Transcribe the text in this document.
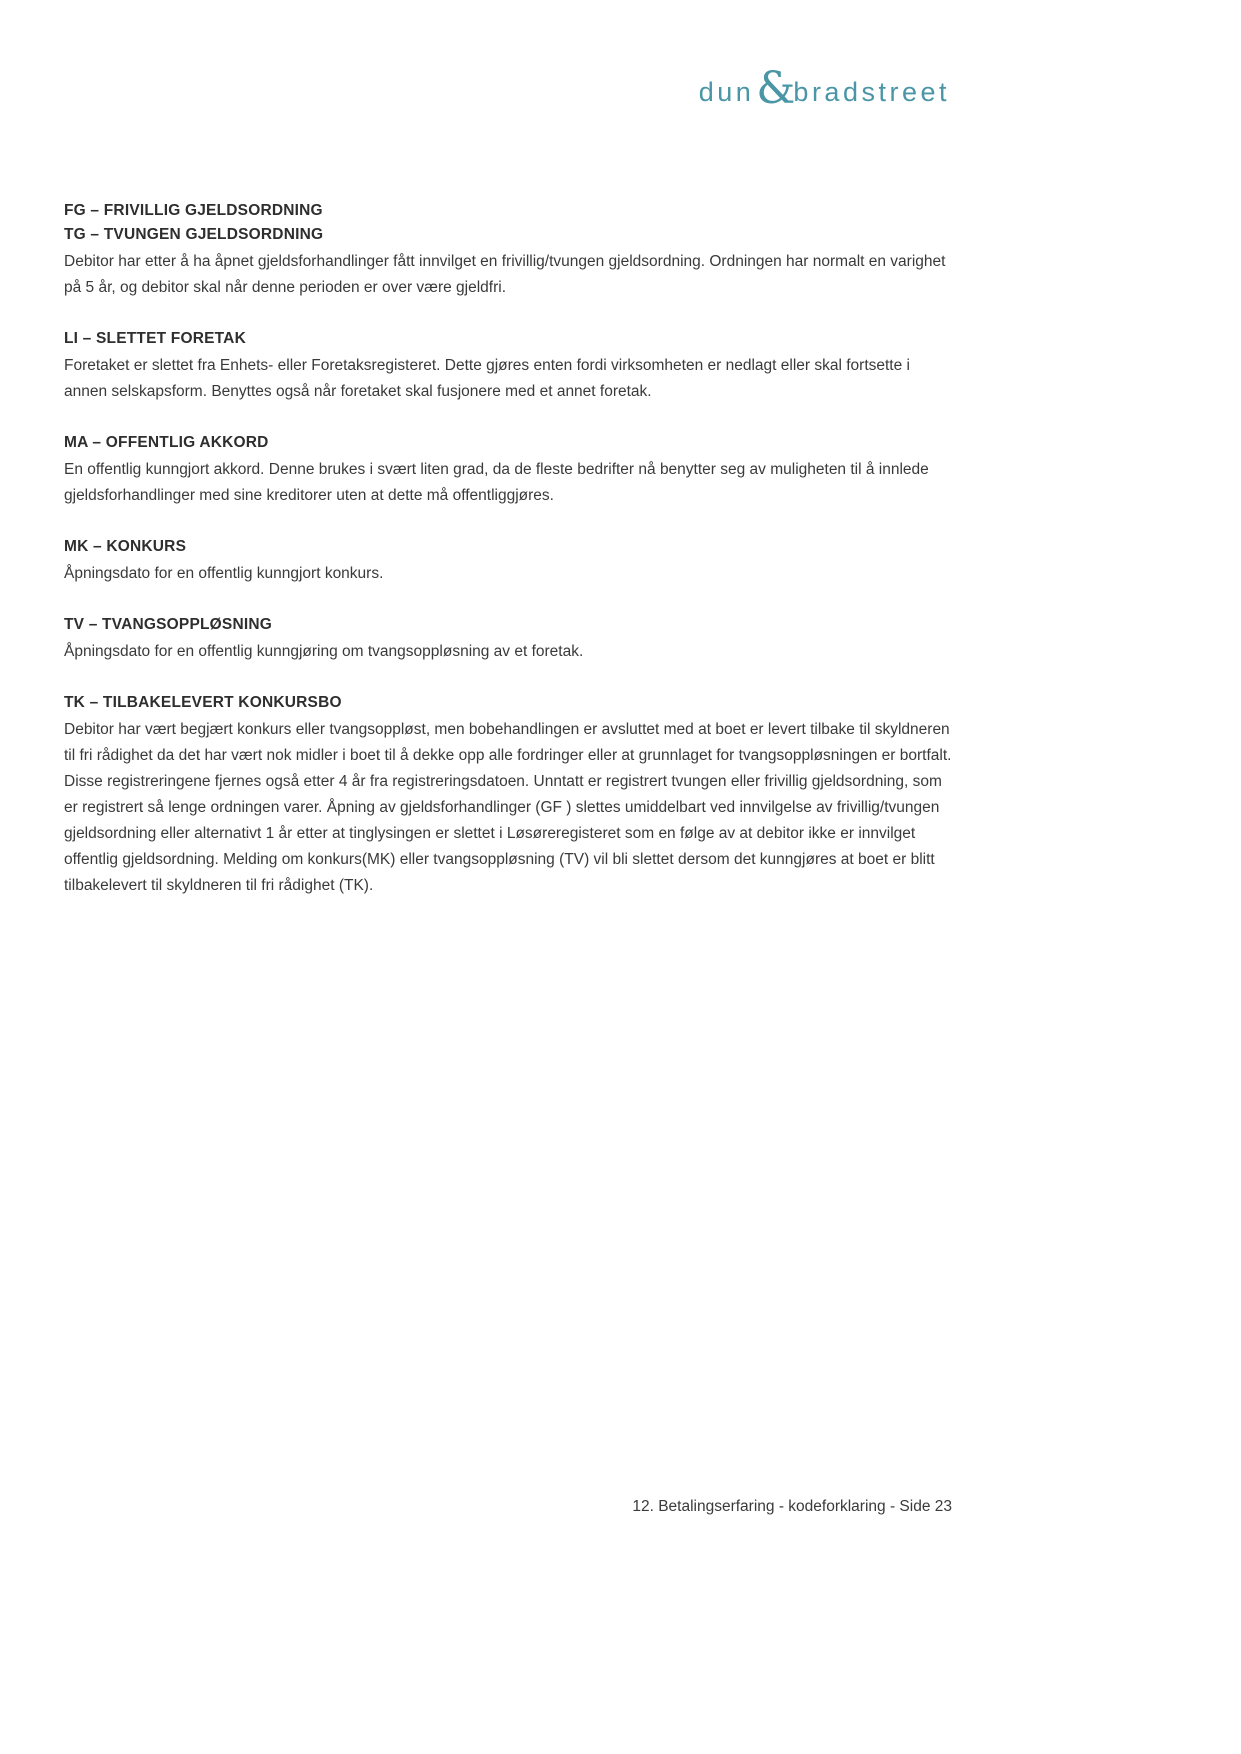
dun &
bradstreet
FG – FRIVILLIG GJELDSORDNING
TG – TVUNGEN GJELDSORDNING

Debitor har etter å ha åpnet gjeldsforhandlinger fått innvilget en frivillig/tvungen gjeldsordning. Ordningen har normalt en varighet på 5 år, og debitor skal når denne perioden er over være gjeldfri.

LI – SLETTET FORETAK

Foretaket er slettet fra Enhets- eller Foretaksregisteret. Dette gjøres enten fordi virksomheten er nedlagt eller skal fortsette i annen selskapsform. Benyttes også når foretaket skal fusjonere med et annet foretak.

MA – OFFENTLIG AKKORD

En offentlig kunngjort akkord. Denne brukes i svært liten grad, da de fleste bedrifter nå benytter seg av muligheten til å innlede gjeldsforhandlinger med sine kreditorer uten at dette må offentliggjøres.

MK – KONKURS

Åpningsdato for en offentlig kunngjort konkurs.

TV – TVANGSOPPLØSNING

Åpningsdato for en offentlig kunngjøring om tvangsoppløsning av et foretak.

TK – TILBAKELEVERT KONKURSBO

Debitor har vært begjært konkurs eller tvangsoppløst, men bobehandlingen er avsluttet med at boet er levert tilbake til skyldneren til fri rådighet da det har vært nok midler i boet til å dekke opp alle fordringer eller at grunnlaget for tvangsoppløsningen er bortfalt. Disse registreringene fjernes også etter 4 år fra registreringsdatoen. Unntatt er registrert tvungen eller frivillig gjeldsordning, som er registrert så lenge ordningen varer. Åpning av gjeldsforhandlinger (GF ) slettes umiddelbart ved innvilgelse av frivillig/tvungen gjeldsordning eller alternativt 1 år etter at tinglysingen er slettet i Løsøreregisteret som en følge av at debitor ikke er innvilget offentlig gjeldsordning. Melding om konkurs(MK) eller tvangsoppløsning (TV) vil bli slettet dersom det kunngjøres at boet er blitt tilbakelevert til skyldneren til fri rådighet (TK).

12. Betalingserfaring - kodeforklaring - Side 23
